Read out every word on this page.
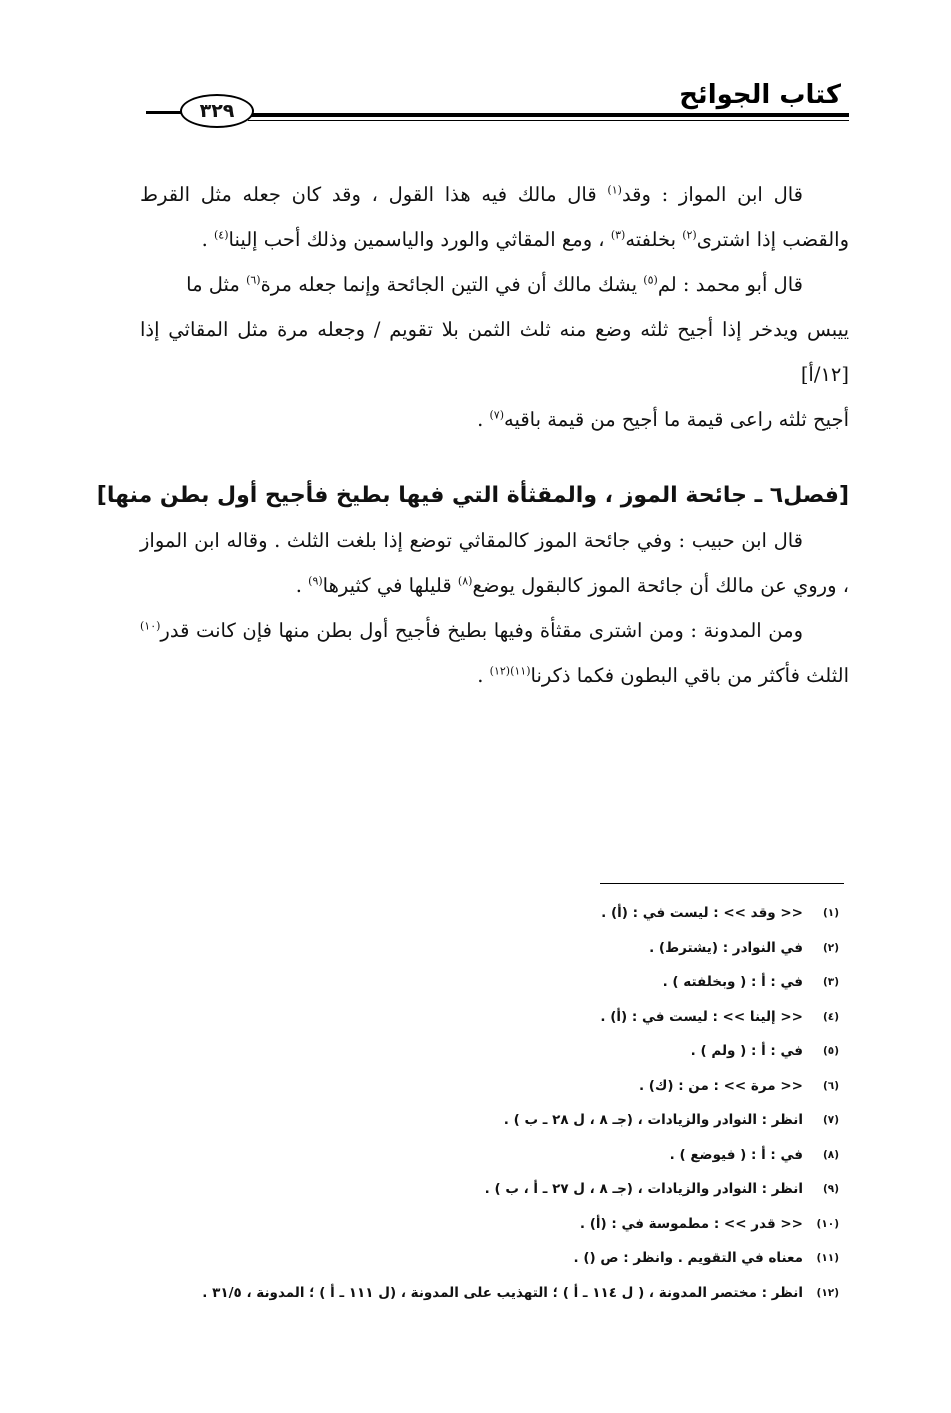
كتاب الجوائح
٣٢٩

قال ابن المواز : وقد$^{(١)}$ قال مالك فيه هذا القول ، وقد كان جعله مثل القرط والقضب إذا اشترى$^{(٢)}$ بخلفته$^{(٣)}$ ، ومع المقاثي والورد والياسمين وذلك أحب إلينا$^{(٤)}$ .

قال أبو محمد : لم$^{(٥)}$ يشك مالك أن في التين الجائحة وإنما جعله مرة$^{(٦)}$ مثل ما

ييبس ويدخر إذا أجيح ثلثه وضع منه ثلث الثمن بلا تقويم / وجعله مرة مثل المقاثي إذا [١٢/أ]

أجيح ثلثه راعى قيمة ما أجيح من قيمة باقيه$^{(٧)}$ .

[فصل٦ ـ جائحة الموز ، والمقثأة التي فيها بطيخ فأجيح أول بطن منها]

قال ابن حبيب : وفي جائحة الموز كالمقاثي توضع إذا بلغت الثلث . وقاله ابن المواز ، وروي عن مالك أن جائحة الموز كالبقول يوضع$^{(٨)}$ قليلها في كثيرها$^{(٩)}$ .

ومن المدونة : ومن اشترى مقثأة وفيها بطيخ فأجيح أول بطن منها فإن كانت قدر$^{(١٠)}$ الثلث فأكثر من باقي البطون فكما ذكرنا$^{(١١)(١٢)}$ .

(١)<< وقد >> : ليست في : (أ) .
(٢)في النوادر : (يشترط) .
(٣)في : أ : ( وبخلفته ) .
(٤)<< إلينا >> : ليست في : (أ) .
(٥)في : أ : ( ولم ) .
(٦)<< مرة >> : من : (ك) .
(٧)انظر : النوادر والزيادات ، (جـ ٨ ، ل ٢٨ ـ ب ) .
(٨)في : أ : ( فيوضع ) .
(٩)انظر : النوادر والزيادات ، (جـ ٨ ، ل ٢٧ ـ أ ، ب ) .
(١٠)<< قدر >> : مطموسة في : (أ) .
(١١)معناه في التقويم . وانظر : ص () .
(١٢)انظر : مختصر المدونة ، ( ل ١١٤ ـ أ ) ؛ التهذيب على المدونة ، (ل ١١١ ـ أ ) ؛ المدونة ، ٣١/٥ .
